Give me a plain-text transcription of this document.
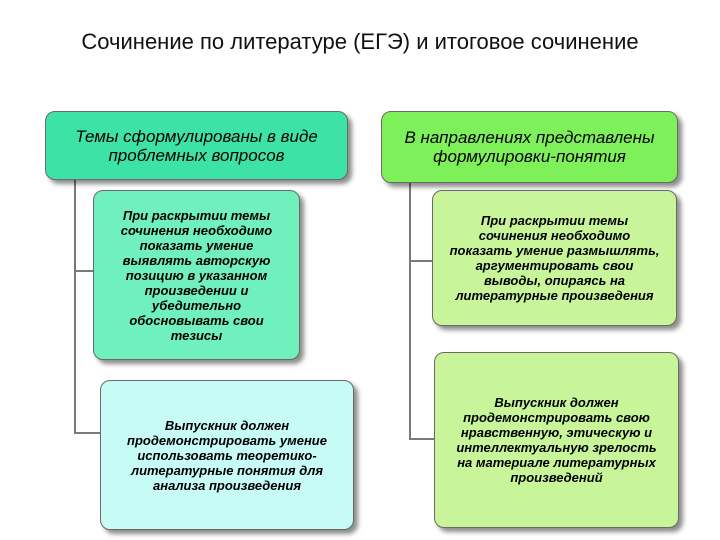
Сочинение по литературе (ЕГЭ) и итоговое сочинение
Темы сформулированы в виде проблемных вопросов
При раскрытии темы сочинения необходимо показать умение выявлять авторскую позицию в указанном произведении и убедительно обосновывать свои тезисы
Выпускник должен продемонстрировать умение использовать теоретико-литературные понятия для анализа произведения
В направлениях представлены формулировки-понятия
При раскрытии темы сочинения необходимо показать умение размышлять, аргументировать свои выводы, опираясь на литературные произведения
Выпускник должен продемонстрировать свою нравственную, этическую и интеллектуальную зрелость на материале литературных произведений
